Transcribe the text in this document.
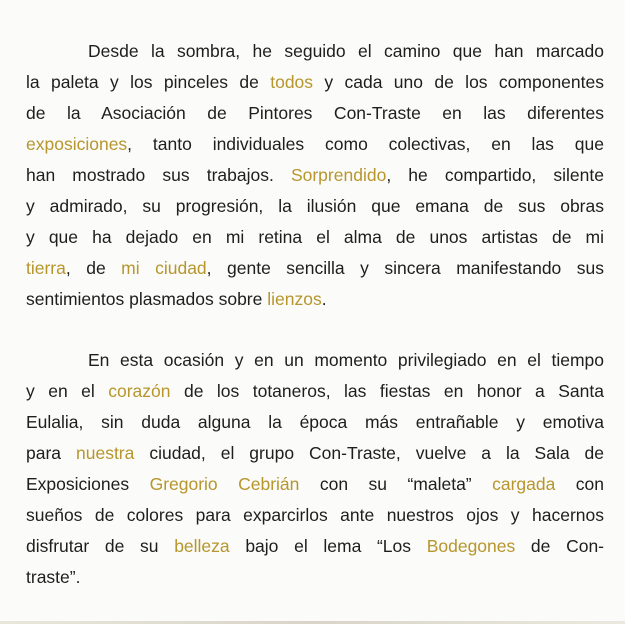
Desde la sombra, he seguido el camino que han marcado
la paleta y los pinceles de todos y cada uno de los componentes
de la Asociación de Pintores Con-Traste en las diferentes
exposiciones, tanto individuales como colectivas, en las que
han mostrado sus trabajos. Sorprendido, he compartido, silente
y admirado, su progresión, la ilusión que emana de sus obras
y que ha dejado en mi retina el alma de unos artistas de mi
tierra, de mi ciudad, gente sencilla y sincera manifestando sus
sentimientos plasmados sobre lienzos.
En esta ocasión y en un momento privilegiado en el tiempo
y en el corazón de los totaneros, las fiestas en honor a Santa
Eulalia, sin duda alguna la época más entrañable y emotiva
para nuestra ciudad, el grupo Con-Traste, vuelve a la Sala de
Exposiciones Gregorio Cebrián con su “maleta” cargada con
sueños de colores para exparcirlos ante nuestros ojos y hacernos
disfrutar de su belleza bajo el lema “Los Bodegones de Con-
traste”.
